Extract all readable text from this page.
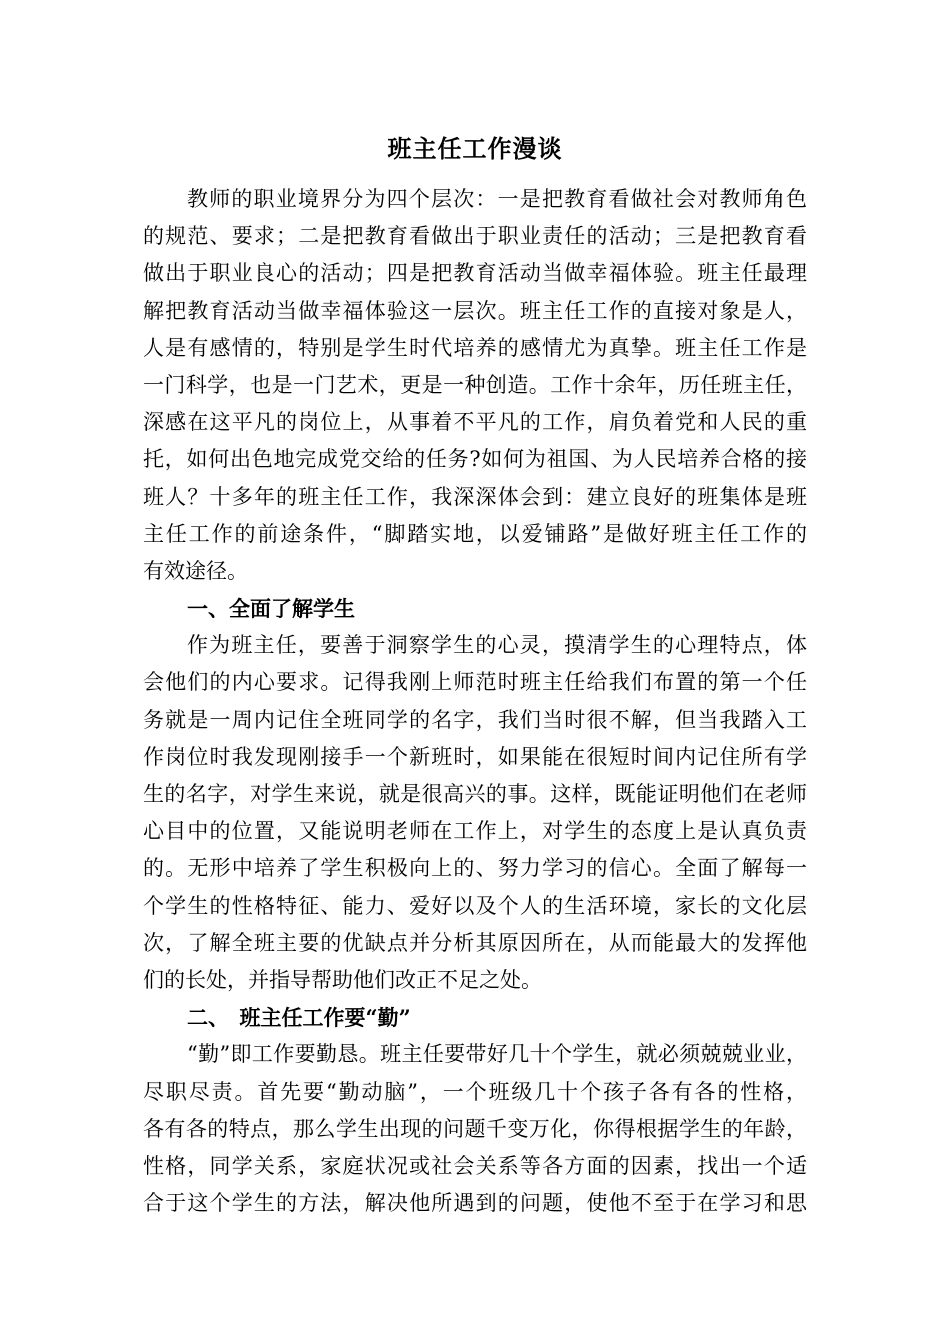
班主任工作漫谈
教师的职业境界分为四个层次：一是把教育看做社会对教师角色
的规范、要求；二是把教育看做出于职业责任的活动；三是把教育看
做出于职业良心的活动；四是把教育活动当做幸福体验。班主任最理
解把教育活动当做幸福体验这一层次。班主任工作的直接对象是人，
人是有感情的，特别是学生时代培养的感情尤为真挚。班主任工作是
一门科学，也是一门艺术，更是一种创造。工作十余年，历任班主任，
深感在这平凡的岗位上，从事着不平凡的工作，肩负着党和人民的重
托，如何出色地完成党交给的任务?如何为祖国、为人民培养合格的接
班人？十多年的班主任工作，我深深体会到：建立良好的班集体是班
主任工作的前途条件，“脚踏实地，以爱铺路”是做好班主任工作的
有效途径。
一、全面了解学生
作为班主任，要善于洞察学生的心灵，摸清学生的心理特点，体
会他们的内心要求。记得我刚上师范时班主任给我们布置的第一个任
务就是一周内记住全班同学的名字，我们当时很不解，但当我踏入工
作岗位时我发现刚接手一个新班时，如果能在很短时间内记住所有学
生的名字，对学生来说，就是很高兴的事。这样，既能证明他们在老师
心目中的位置，又能说明老师在工作上，对学生的态度上是认真负责
的。无形中培养了学生积极向上的、努力学习的信心。全面了解每一
个学生的性格特征、能力、爱好以及个人的生活环境，家长的文化层
次，了解全班主要的优缺点并分析其原因所在，从而能最大的发挥他
们的长处，并指导帮助他们改正不足之处。
二、　班主任工作要“勤”
“勤”即工作要勤恳。班主任要带好几十个学生，就必须兢兢业业，
尽职尽责。首先要“勤动脑”，一个班级几十个孩子各有各的性格，
各有各的特点，那么学生出现的问题千变万化，你得根据学生的年龄，
性格，同学关系，家庭状况或社会关系等各方面的因素，找出一个适
合于这个学生的方法，解决他所遇到的问题，使他不至于在学习和思
